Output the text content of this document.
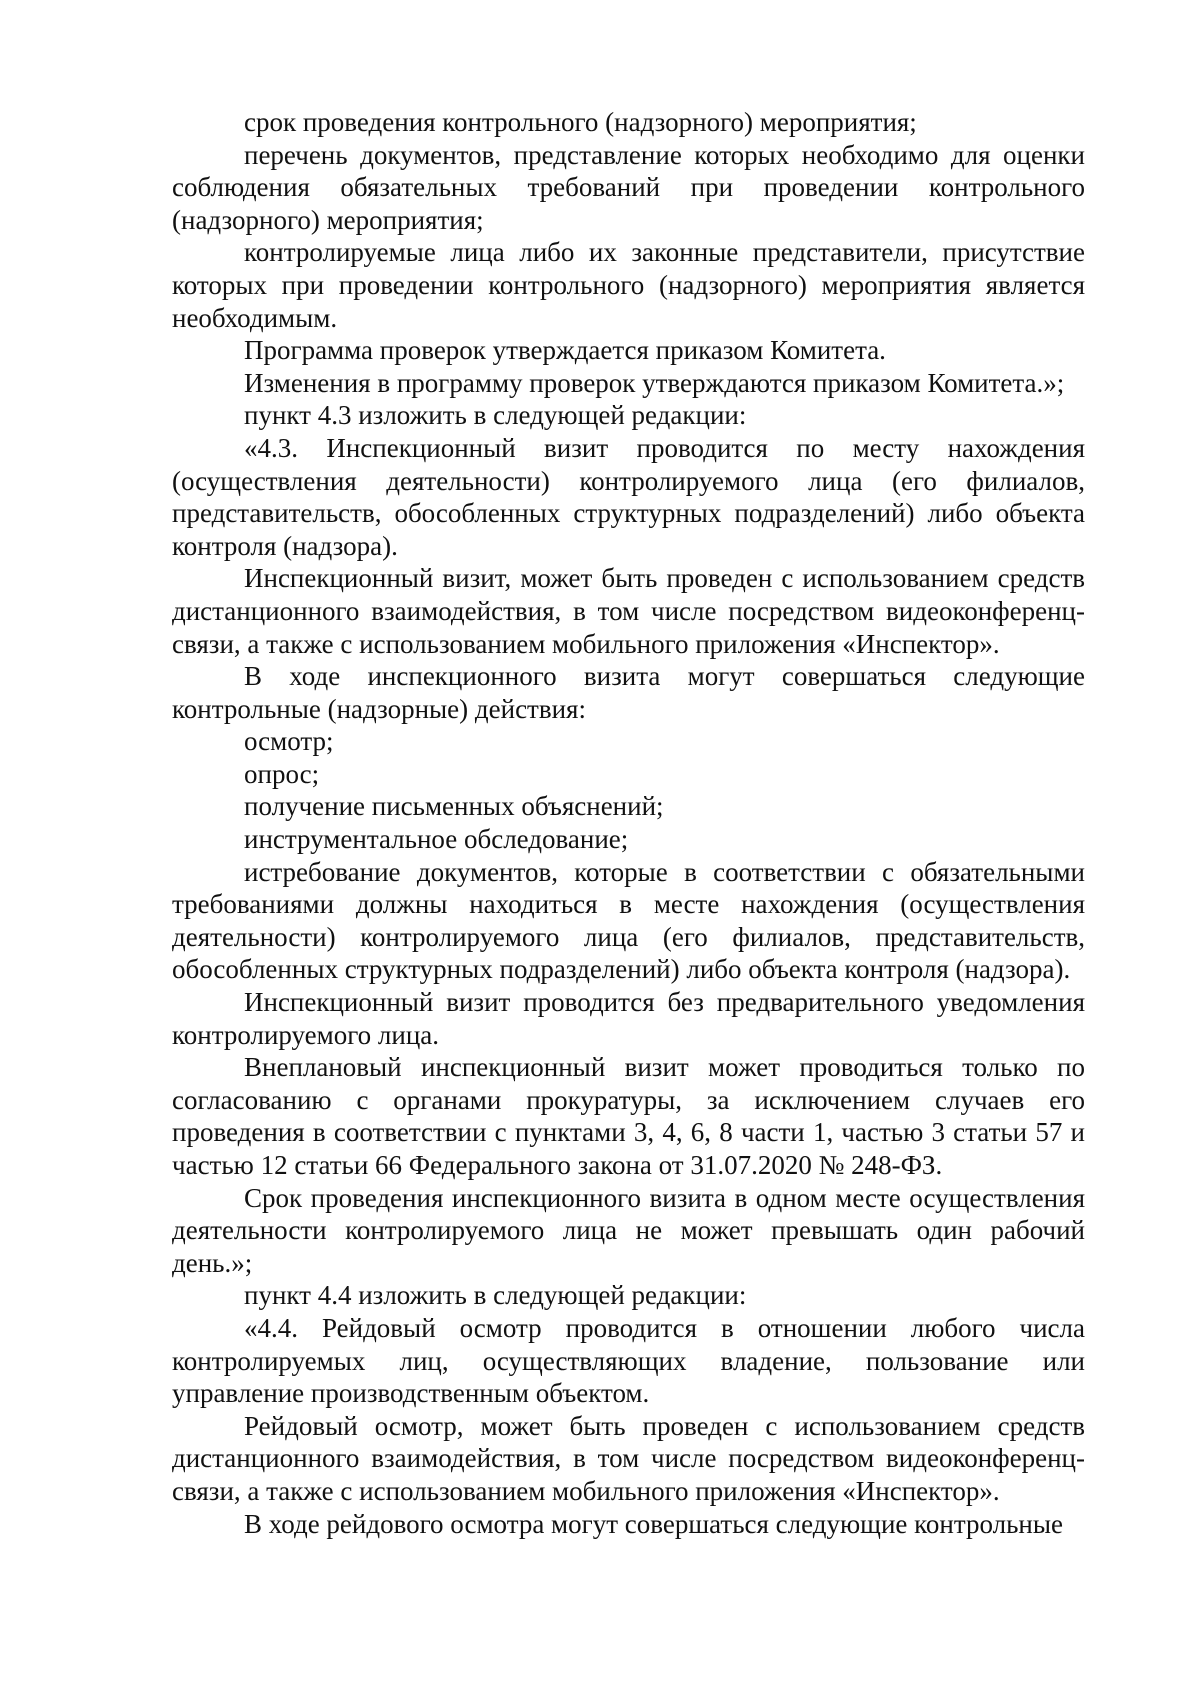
срок проведения контрольного (надзорного) мероприятия;

перечень документов, представление которых необходимо для оценки соблюдения обязательных требований при проведении контрольного (надзорного) мероприятия;

контролируемые лица либо их законные представители, присутствие которых при проведении контрольного (надзорного) мероприятия является необходимым.

Программа проверок утверждается приказом Комитета.

Изменения в программу проверок утверждаются приказом Комитета.»;

пункт 4.3 изложить в следующей редакции:

«4.3. Инспекционный визит проводится по месту нахождения (осуществления деятельности) контролируемого лица (его филиалов, представительств, обособленных структурных подразделений) либо объекта контроля (надзора).

Инспекционный визит, может быть проведен с использованием средств дистанционного взаимодействия, в том числе посредством видеоконференц-связи, а также с использованием мобильного приложения «Инспектор».

В ходе инспекционного визита могут совершаться следующие контрольные (надзорные) действия:

осмотр;

опрос;

получение письменных объяснений;

инструментальное обследование;

истребование документов, которые в соответствии с обязательными требованиями должны находиться в месте нахождения (осуществления деятельности) контролируемого лица (его филиалов, представительств, обособленных структурных подразделений) либо объекта контроля (надзора).

Инспекционный визит проводится без предварительного уведомления контролируемого лица.

Внеплановый инспекционный визит может проводиться только по согласованию с органами прокуратуры, за исключением случаев его проведения в соответствии с пунктами 3, 4, 6, 8 части 1, частью 3 статьи 57 и частью 12 статьи 66 Федерального закона от 31.07.2020 № 248-ФЗ.

Срок проведения инспекционного визита в одном месте осуществления деятельности контролируемого лица не может превышать один рабочий день.»;

пункт 4.4 изложить в следующей редакции:

«4.4. Рейдовый осмотр проводится в отношении любого числа контролируемых лиц, осуществляющих владение, пользование или управление производственным объектом.

Рейдовый осмотр, может быть проведен с использованием средств дистанционного взаимодействия, в том числе посредством видеоконференц-связи, а также с использованием мобильного приложения «Инспектор».

В ходе рейдового осмотра могут совершаться следующие контрольные
